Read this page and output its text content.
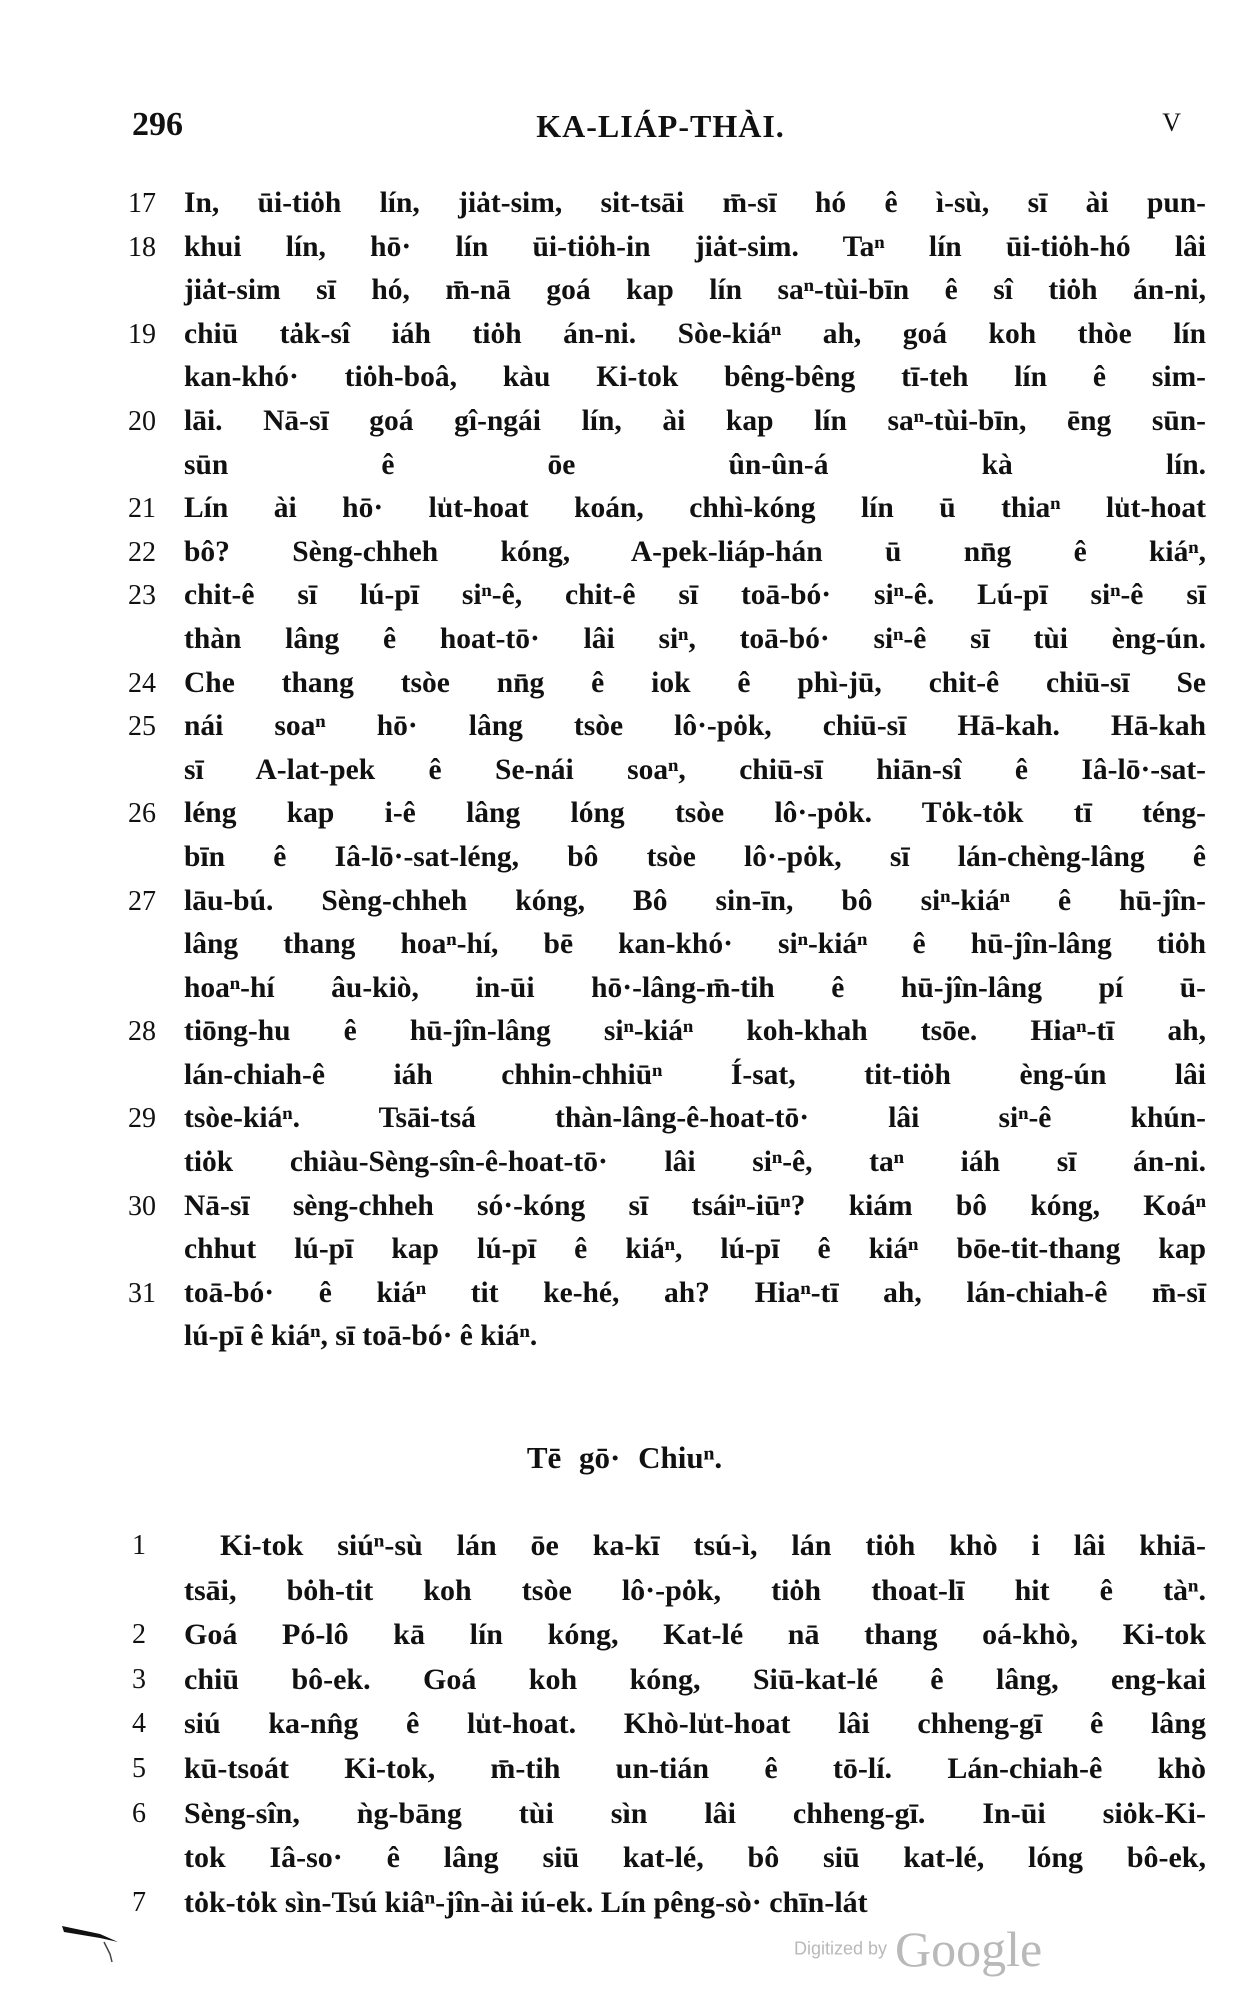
296	KA-LIÁP-THÀI.	V
17 In, ūi-tiȯh lín, jiȧt-sim, sit-tsāi m̄-sī hó ê ì-sù, sī ài pun-
18 khui lín, hō· lín ūi-tiȯh-in jiȧt-sim. Taⁿ lín ūi-tiȯh-hó lâi
jiȧt-sim sī hó, m̄-nā goá kap lín saⁿ-tùi-bīn ê sî tiȯh án-ni,
19 chiū tȧk-sî iáh tiȯh án-ni. Sòe-kiáⁿ ah, goá koh thòe lín
kan-khó· tiȯh-boâ, kàu Ki-tok bêng-bêng tī-teh lín ê sim-
20 lāi. Nā-sī goá gî-ngái lín, ài kap lín saⁿ-tùi-bīn, ēng sūn-
sūn ê ōe ûn-ûn-á kà lín.
21 Lín ài hō· lu̍t-hoat koán, chhì-kóng lín ū thiaⁿ lu̍t-hoat
22 bô? Sèng-chheh kóng, A-pek-liáp-hán ū nn̄g ê kiáⁿ,
23 chit-ê sī lú-pī siⁿ-ê, chit-ê sī toā-bó· siⁿ-ê. Lú-pī siⁿ-ê sī
thàn lâng ê hoat-tō· lâi siⁿ, toā-bó· siⁿ-ê sī tùi èng-ún.
24 Che thang tsòe nn̄g ê iok ê phì-jū, chit-ê chiū-sī Se
25 nái soaⁿ hō· lâng tsòe lô·-pȯk, chiū-sī Hā-kah. Hā-kah
sī A-lat-pek ê Se-nái soaⁿ, chiū-sī hiān-sî ê Iâ-lō·-sat-
26 léng kap i-ê lâng lóng tsòe lô·-pȯk. Tȯk-tȯk tī téng-
bīn ê Iâ-lō·-sat-léng, bô tsòe lô·-pȯk, sī lán-chèng-lâng ê
27 lāu-bú. Sèng-chheh kóng, Bô sin-īn, bô siⁿ-kiáⁿ ê hū-jîn-
lâng thang hoaⁿ-hí, bē kan-khó· siⁿ-kiáⁿ ê hū-jîn-lâng tiȯh
hoaⁿ-hí âu-kiò, in-ūi hō·-lâng-m̄-tih ê hū-jîn-lâng pí ū-
28 tiōng-hu ê hū-jîn-lâng siⁿ-kiáⁿ koh-khah tsōe. Hiaⁿ-tī ah,
lán-chiah-ê iáh chhin-chhiūⁿ Í-sat, tit-tiȯh èng-ún lâi
29 tsòe-kiáⁿ. Tsāi-tsá thàn-lâng-ê-hoat-tō· lâi siⁿ-ê khún-
tiȯk chiàu-Sèng-sîn-ê-hoat-tō· lâi siⁿ-ê, taⁿ iáh sī án-ni.
30 Nā-sī sèng-chheh só·-kóng sī tsáiⁿ-iūⁿ? kiám bô kóng, Koáⁿ
chhut lú-pī kap lú-pī ê kiáⁿ, lú-pī ê kiáⁿ bōe-tit-thang kap
31 toā-bó· ê kiáⁿ tit ke-hé, ah? Hiaⁿ-tī ah, lán-chiah-ê m̄-sī
lú-pī ê kiáⁿ, sī toā-bó· ê kiáⁿ.
Tē gō· Chiuⁿ.
1	Ki-tok siúⁿ-sù lán ōe ka-kī tsú-ì, lán tiȯh khò i lâi khiā-
tsāi, bȯh-tit koh tsòe lô·-pȯk, tiȯh thoat-lī hit ê tàⁿ.
2	Goá Pó-lô kā lín kóng, Kat-lé nā thang oá-khò, Ki-tok
3	chiū bô-ek. Goá koh kóng, Siū-kat-lé ê lâng, eng-kai
4	siú ka-nn̂g ê lu̍t-hoat. Khò-lu̍t-hoat lâi chheng-gī ê lâng
5	kū-tsoát Ki-tok, m̄-tih un-tián ê tō-lí. Lán-chiah-ê khò
6	Sèng-sîn, ǹg-bāng tùi sìn lâi chheng-gī. In-ūi siȯk-Ki-
tok Iâ-so· ê lâng siū kat-lé, bô siū kat-lé, lóng bô-ek,
7	tȯk-tȯk sìn-Tsú kiâⁿ-jîn-ài iú-ek. Lín pêng-sò· chīn-lát
Digitized by Google
